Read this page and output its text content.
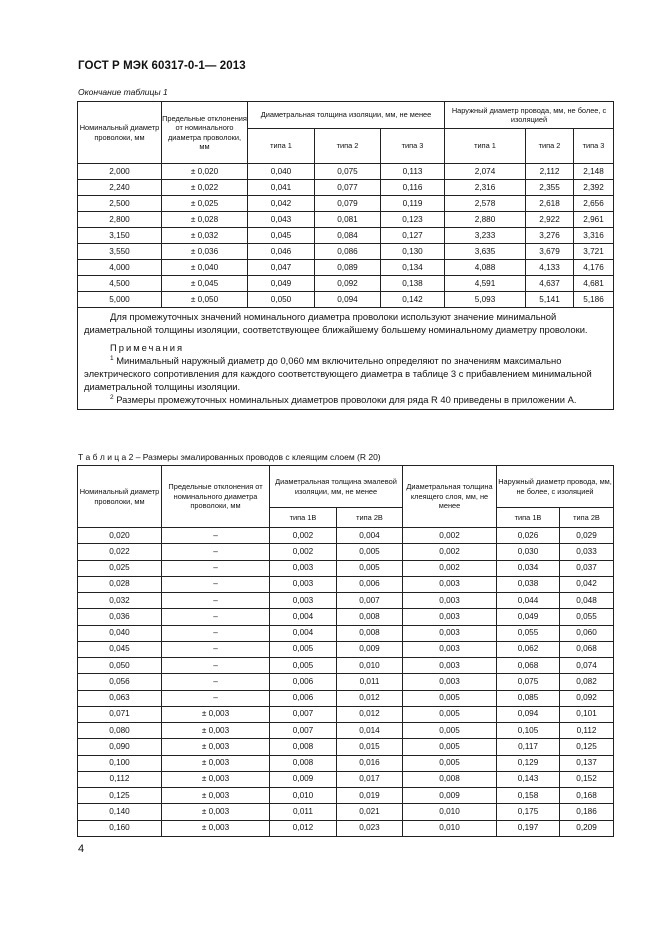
ГОСТ Р МЭК 60317-0-1— 2013
Окончание таблицы 1
Номинальный диаметр проволоки, мм	Предельные отклонения от номинального диаметра проволоки, мм	Диаметральная толщина изоляции, мм, не менее			Наружный диаметр провода, мм, не более, с изоляцией		
		типа 1	типа 2	типа 3	типа 1	типа 2	типа 3
2,000	± 0,020	0,040	0,075	0,113	2,074	2,112	2,148
2,240	± 0,022	0,041	0,077	0,116	2,316	2,355	2,392
2,500	± 0,025	0,042	0,079	0,119	2,578	2,618	2,656
2,800	± 0,028	0,043	0,081	0,123	2,880	2,922	2,961
3,150	± 0,032	0,045	0,084	0,127	3,233	3,276	3,316
3,550	± 0,036	0,046	0,086	0,130	3,635	3,679	3,721
4,000	± 0,040	0,047	0,089	0,134	4,088	4,133	4,176
4,500	± 0,045	0,049	0,092	0,138	4,591	4,637	4,681
5,000	± 0,050	0,050	0,094	0,142	5,093	5,141	5,186

Для промежуточных значений номинального диаметра проволоки используют значение минимальной диаметральной толщины изоляции, соответствующее ближайшему большему номинальному диаметру проволоки.

Примечания

$^1$ Минимальный наружный диаметр до 0,060 мм включительно определяют по значениям максимально электрического сопротивления для каждого соответствующего диаметра в таблице 3 с прибавлением минимальной диаметральной толщины изоляции.

$^2$ Размеры промежуточных номинальных диаметров проволоки для ряда R 40 приведены в приложении А.							

Т а б л и ц а 2 – Размеры эмалированных проводов с клеящим слоем (R 20)
Номинальный диаметр проволоки, мм	Предельные отклонения от номинального диаметра проволоки, мм	Диаметральная толщина эмалевой изоляции, мм, не менее		Диаметральная толщина клеящего слоя, мм, не менее	Наружный диаметр провода, мм, не более, с изоляцией	
		типа 1В	типа 2В		типа 1В	типа 2В
0,020	–	0,002	0,004	0,002	0,026	0,029
0,022	–	0,002	0,005	0,002	0,030	0,033
0,025	–	0,003	0,005	0,002	0,034	0,037
0,028	–	0,003	0,006	0,003	0,038	0,042
0,032	–	0,003	0,007	0,003	0,044	0,048
0,036	–	0,004	0,008	0,003	0,049	0,055
0,040	–	0,004	0,008	0,003	0,055	0,060
0,045	–	0,005	0,009	0,003	0,062	0,068
0,050	–	0,005	0,010	0,003	0,068	0,074
0,056	–	0,006	0,011	0,003	0,075	0,082
0,063	–	0,006	0,012	0,005	0,085	0,092
0,071	± 0,003	0,007	0,012	0,005	0,094	0,101
0,080	± 0,003	0,007	0,014	0,005	0,105	0,112
0,090	± 0,003	0,008	0,015	0,005	0,117	0,125
0,100	± 0,003	0,008	0,016	0,005	0,129	0,137
0,112	± 0,003	0,009	0,017	0,008	0,143	0,152
0,125	± 0,003	0,010	0,019	0,009	0,158	0,168
0,140	± 0,003	0,011	0,021	0,010	0,175	0,186
0,160	± 0,003	0,012	0,023	0,010	0,197	0,209
4
